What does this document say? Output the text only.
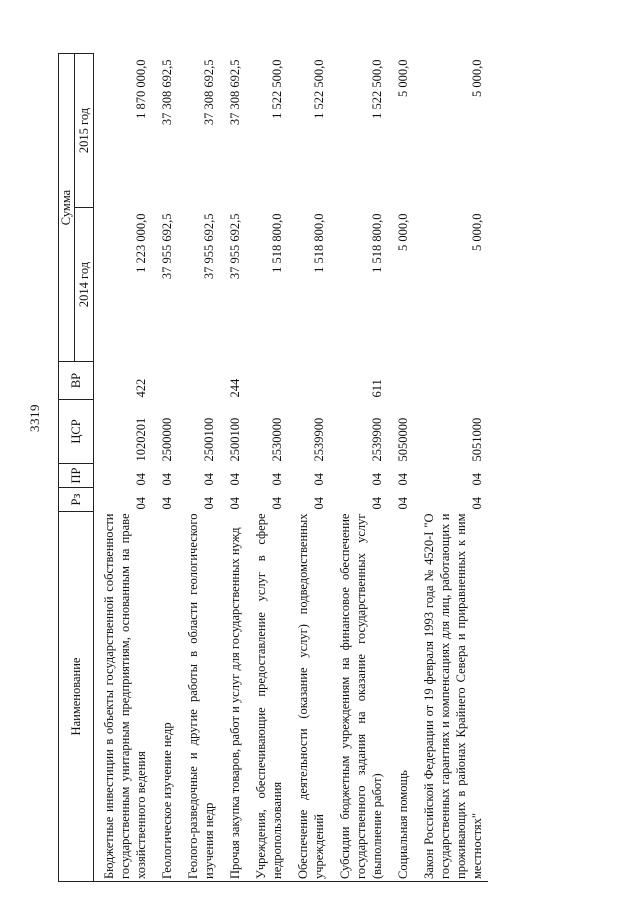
3319
Наименование	Рз	ПР	ЦСР	ВР	Сумма	
					2014 год	2015 год
Бюджетные инвестиции в объекты государственной собственности государственным унитарным предприятиям, основанным на праве хозяйственного ведения	04	04	1020201	422	1 223 000,0	1 870 000,0
Геологическое изучение недр	04	04	2500000		37 955 692,5	37 308 692,5
Геолого-разведочные и другие работы в области геологического изучения недр	04	04	2500100		37 955 692,5	37 308 692,5
Прочая закупка товаров, работ и услуг для государственных нужд	04	04	2500100	244	37 955 692,5	37 308 692,5
Учреждения, обеспечивающие предоставление услуг в сфере недропользования	04	04	2530000		1 518 800,0	1 522 500,0
Обеспечение деятельности (оказание услуг) подведомственных учреждений	04	04	2539900		1 518 800,0	1 522 500,0
Субсидии бюджетным учреждениям на финансовое обеспечение государственного задания на оказание государственных услуг (выполнение работ)	04	04	2539900	611	1 518 800,0	1 522 500,0
Социальная помощь	04	04	5050000		5 000,0	5 000,0
Закон Российской Федерации от 19 февраля 1993 года № 4520-I "О государственных гарантиях и компенсациях для лиц, работающих и проживающих в районах Крайнего Севера и приравненных к ним местностях"	04	04	5051000		5 000,0	5 000,0
